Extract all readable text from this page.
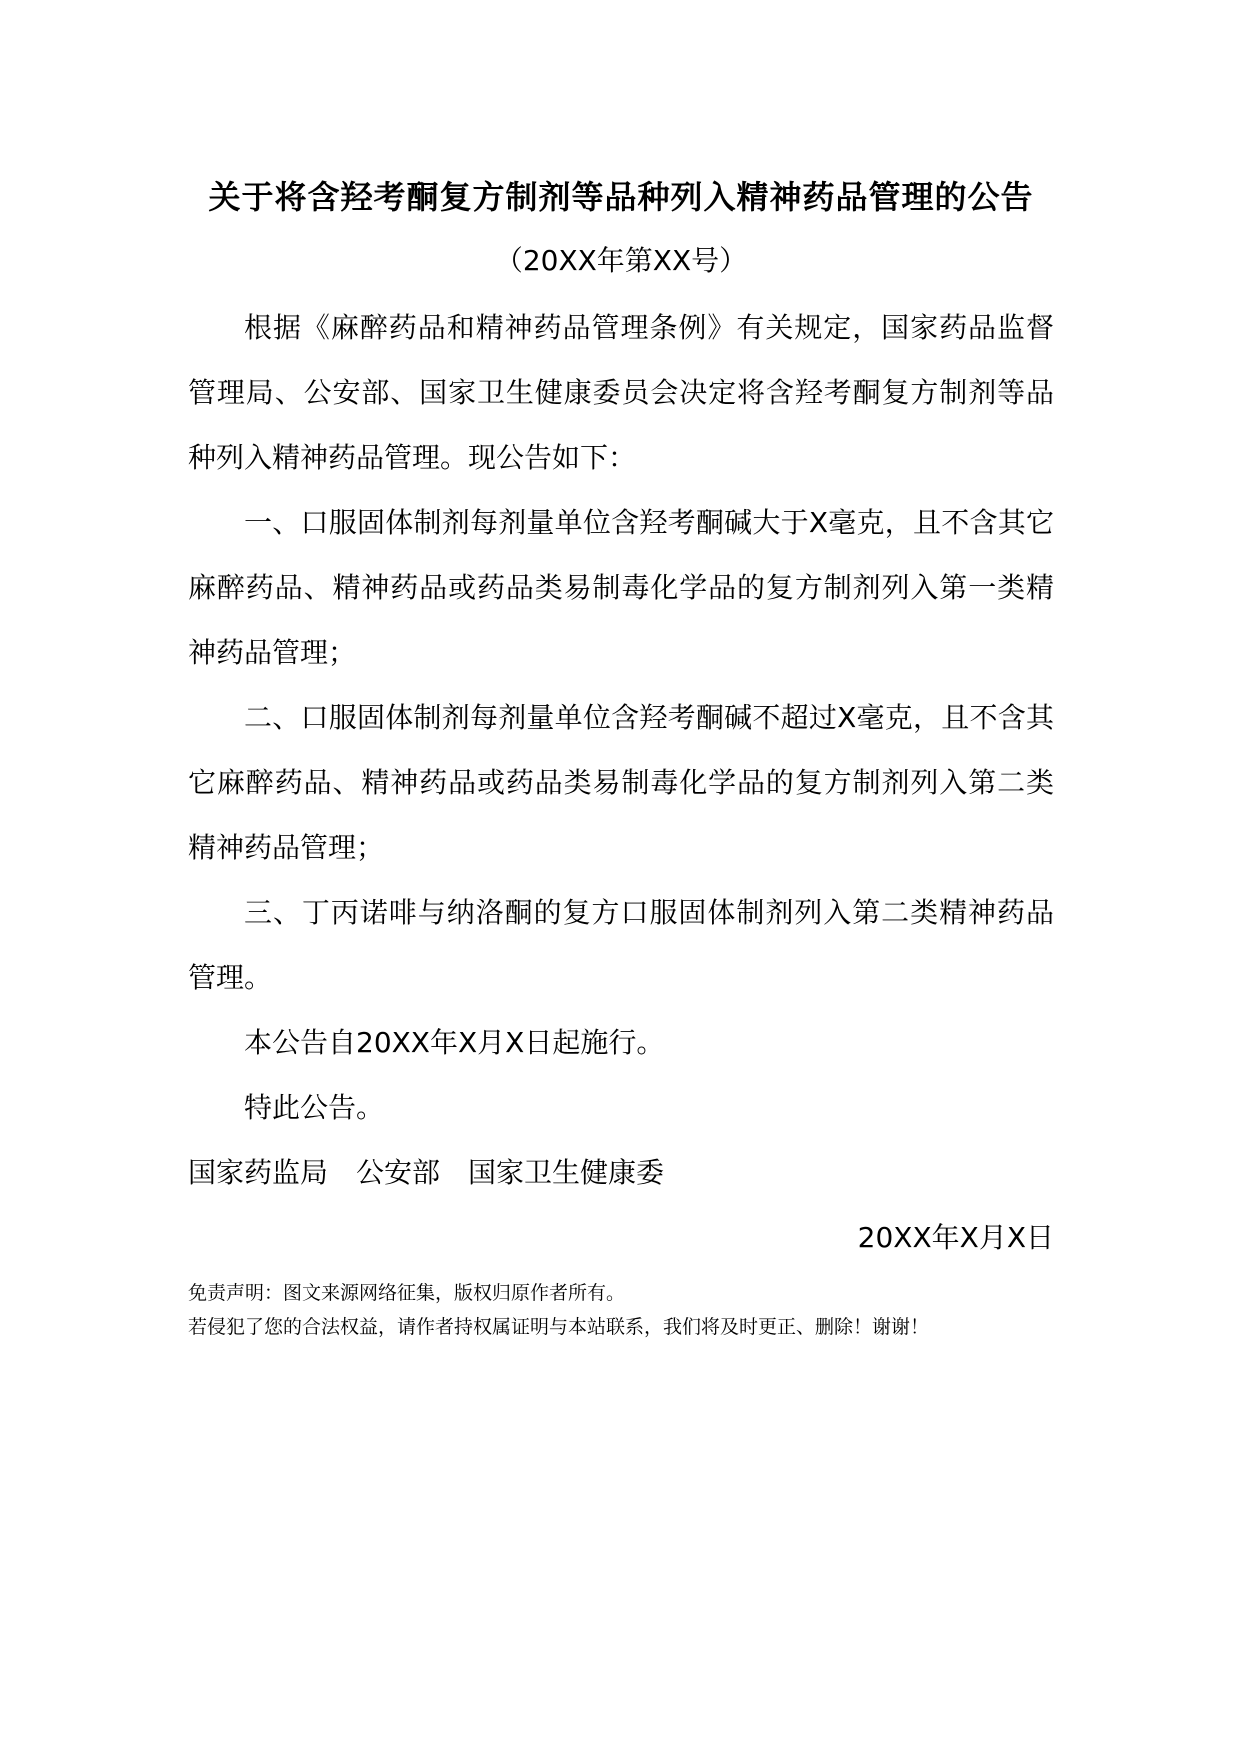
关于将含羟考酮复方制剂等品种列入精神药品管理的公告

（20XX年第XX号）

根据《麻醉药品和精神药品管理条例》有关规定，国家药品监督管理局、公安部、国家卫生健康委员会决定将含羟考酮复方制剂等品种列入精神药品管理。现公告如下：

一、口服固体制剂每剂量单位含羟考酮碱大于X毫克，且不含其它麻醉药品、精神药品或药品类易制毒化学品的复方制剂列入第一类精神药品管理；

二、口服固体制剂每剂量单位含羟考酮碱不超过X毫克，且不含其它麻醉药品、精神药品或药品类易制毒化学品的复方制剂列入第二类精神药品管理；

三、丁丙诺啡与纳洛酮的复方口服固体制剂列入第二类精神药品管理。

本公告自20XX年X月X日起施行。

特此公告。

国家药监局　公安部　国家卫生健康委

20XX年X月X日

免责声明：图文来源网络征集，版权归原作者所有。
若侵犯了您的合法权益，请作者持权属证明与本站联系，我们将及时更正、删除！谢谢！
